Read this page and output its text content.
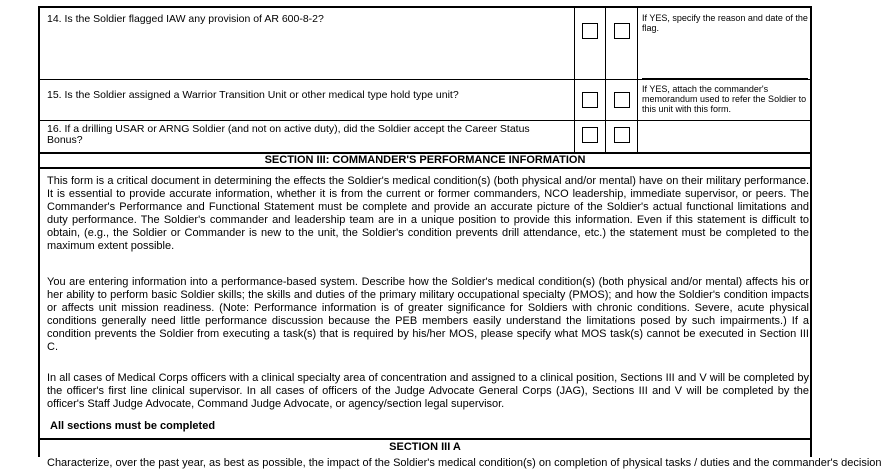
14. Is the Soldier flagged IAW any provision of AR 600-8-2?	If YES, specify the reason and date of the flag.
15. Is the Soldier assigned a Warrior Transition Unit or other medical type hold type unit?	If YES, attach the commander's memorandum used to refer the Soldier to this unit with this form.
16. If a drilling USAR or ARNG Soldier (and not on active duty), did the Soldier accept the Career Status Bonus?
SECTION III: COMMANDER'S PERFORMANCE INFORMATION
This form is a critical document in determining the effects the Soldier's medical condition(s) (both physical and/or mental) have on their military performance. It is essential to provide accurate information, whether it is from the current or former commanders, NCO leadership, immediate supervisor, or peers. The Commander's Performance and Functional Statement must be complete and provide an accurate picture of the Soldier's actual functional limitations and duty performance. The Soldier's commander and leadership team are in a unique position to provide this information. Even if this statement is difficult to obtain, (e.g., the Soldier or Commander is new to the unit, the Soldier's condition prevents drill attendance, etc.) the statement must be completed to the maximum extent possible.
You are entering information into a performance-based system. Describe how the Soldier's medical condition(s) (both physical and/or mental) affects his or her ability to perform basic Soldier skills; the skills and duties of the primary military occupational specialty (PMOS); and how the Soldier's condition impacts or affects unit mission readiness. (Note: Performance information is of greater significance for Soldiers with chronic conditions. Severe, acute physical conditions generally need little performance discussion because the PEB members easily understand the limitations posed by such impairments.) If a condition prevents the Soldier from executing a task(s) that is required by his/her MOS, please specify what MOS task(s) cannot be executed in Section III C.
In all cases of Medical Corps officers with a clinical specialty area of concentration and assigned to a clinical position, Sections III and V will be completed by the officer's first line clinical supervisor. In all cases of officers of the Judge Advocate General Corps (JAG), Sections III and V will be completed by the officer's Staff Judge Advocate, Command Judge Advocate, or agency/section legal supervisor.
All sections must be completed
SECTION III A
Characterize, over the past year, as best as possible, the impact of the Soldier's medical condition(s) on completion of physical tasks / duties and the commander's decision
